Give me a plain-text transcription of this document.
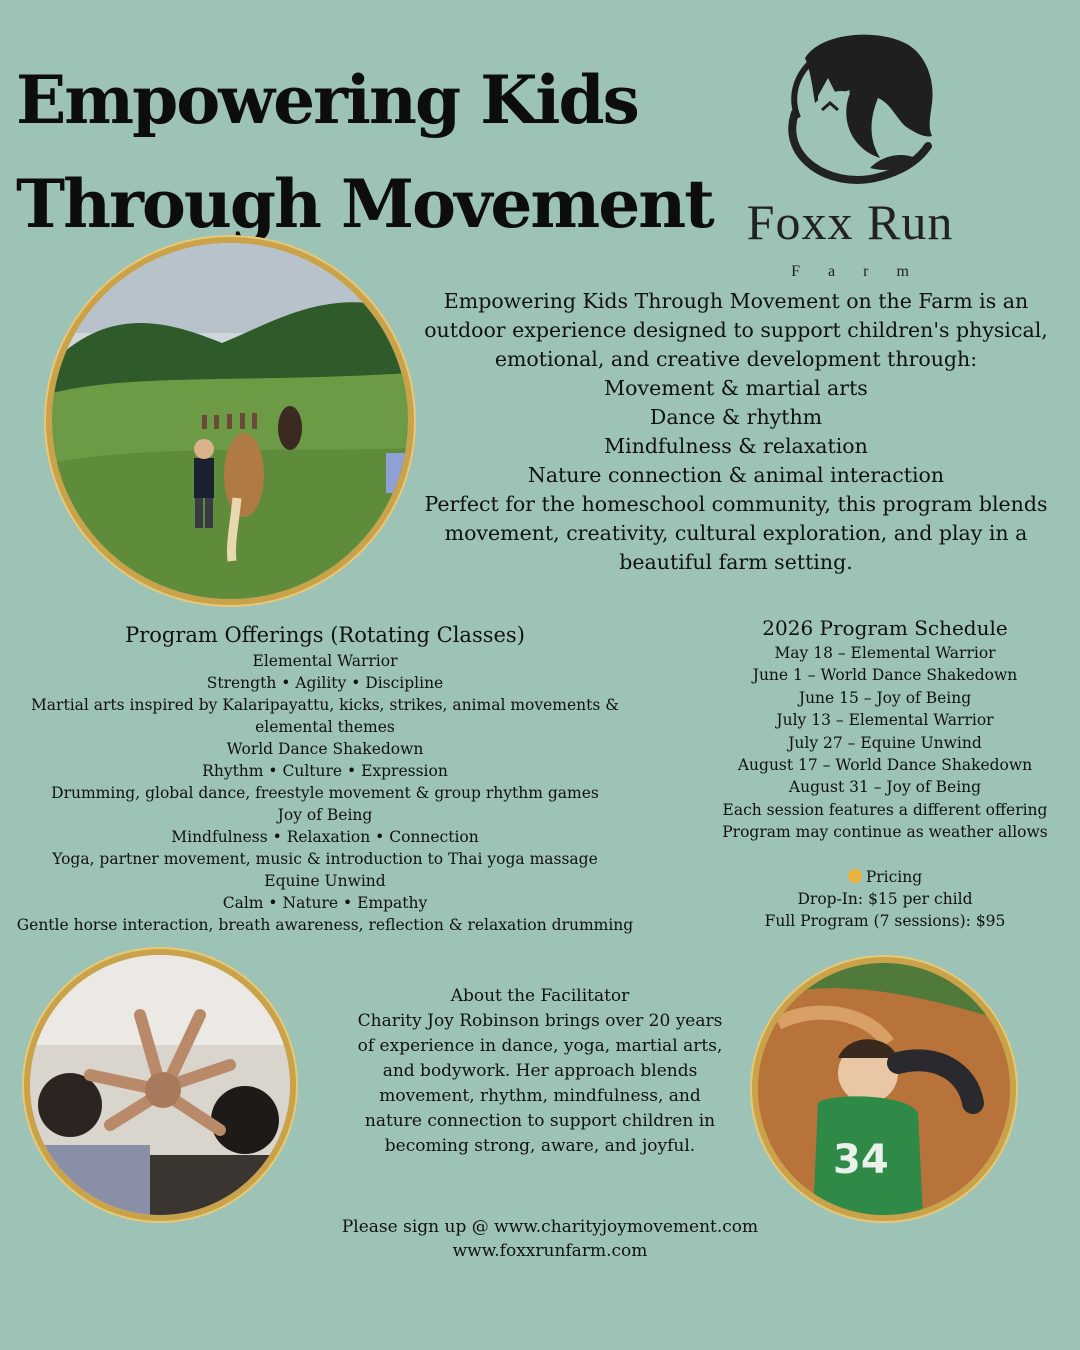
Empowering Kids
Through Movement Foxx Run
Farm
Empowering Kids Through Movement on the Farm is an
outdoor experience designed to support children's physical,
emotional, and creative development through:
Movement & martial arts
Dance & rhythm
Mindfulness & relaxation
Nature connection & animal interaction
Perfect for the homeschool community, this program blends
movement, creativity, cultural exploration, and play in a
beautiful farm setting.
Program Offerings (Rotating Classes)
Elemental Warrior
Strength • Agility • Discipline
Martial arts inspired by Kalaripayattu, kicks, strikes, animal movements &
elemental themes
World Dance Shakedown
Rhythm • Culture • Expression
Drumming, global dance, freestyle movement & group rhythm games
Joy of Being
Mindfulness • Relaxation • Connection
Yoga, partner movement, music & introduction to Thai yoga massage
Equine Unwind
Calm • Nature • Empathy
Gentle horse interaction, breath awareness, reflection & relaxation drumming
2026 Program Schedule
May 18 – Elemental Warrior
June 1 – World Dance Shakedown
June 15 – Joy of Being
July 13 – Elemental Warrior
July 27 – Equine Unwind
August 17 – World Dance Shakedown
August 31 – Joy of Being
Each session features a different offering
Program may continue as weather allows
Pricing
Drop-In: $15 per child
Full Program (7 sessions): $95
About the Facilitator
Charity Joy Robinson brings over 20 years
of experience in dance, yoga, martial arts,
and bodywork. Her approach blends
movement, rhythm, mindfulness, and
nature connection to support children in
becoming strong, aware, and joyful.	34
Please sign up @ www.charityjoymovement.com
www.foxxrunfarm.com
